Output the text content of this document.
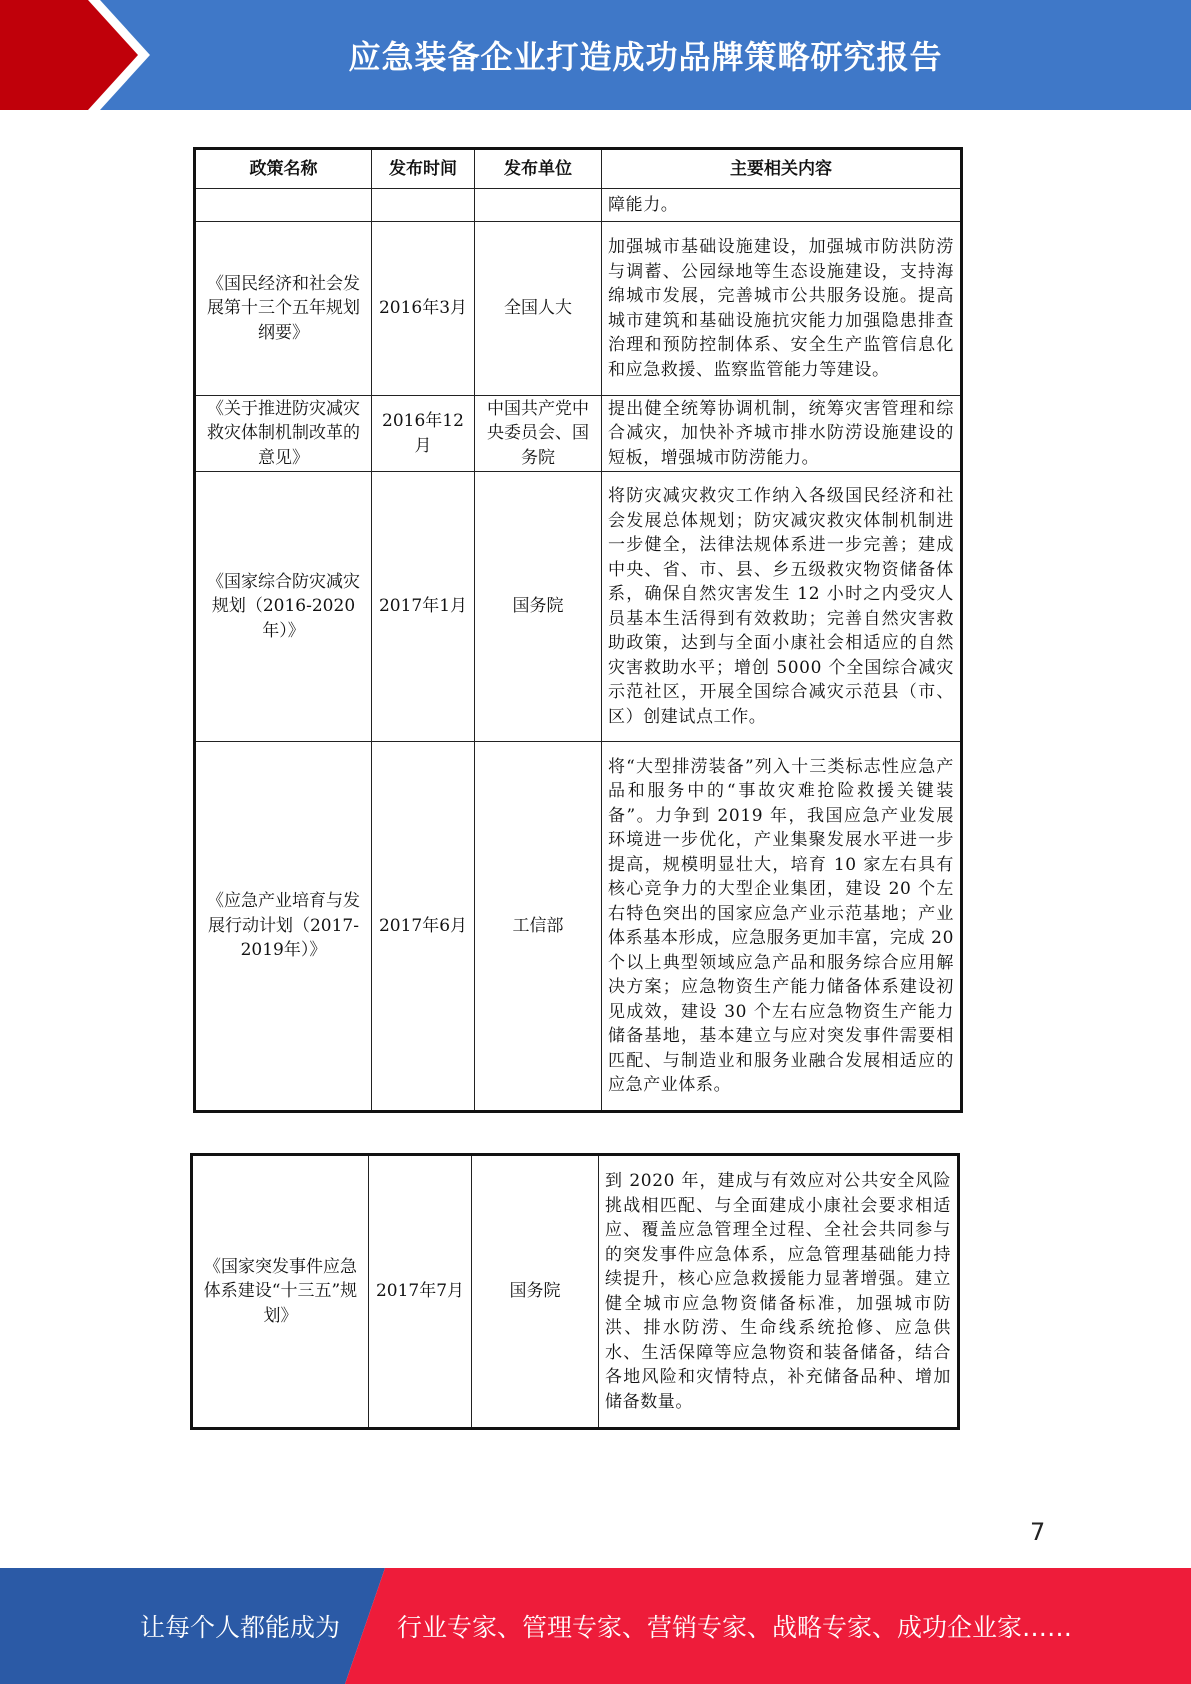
应急装备企业打造成功品牌策略研究报告
政策名称	发布时间	发布单位	主要相关内容
			障能力。
《国民经济和社会发展第十三个五年规划纲要》	2016年3月	全国人大	加强城市基础设施建设，加强城市防洪防涝与调蓄、公园绿地等生态设施建设，支持海绵城市发展，完善城市公共服务设施。提高城市建筑和基础设施抗灾能力加强隐患排查治理和预防控制体系、安全生产监管信息化和应急救援、监察监管能力等建设。
《关于推进防灾减灾救灾体制机制改革的意见》	2016年12月	中国共产党中央委员会、国务院	提出健全统筹协调机制，统筹灾害管理和综合减灾，加快补齐城市排水防涝设施建设的短板，增强城市防涝能力。
《国家综合防灾减灾规划（2016-2020年）》	2017年1月	国务院	将防灾减灾救灾工作纳入各级国民经济和社会发展总体规划；防灾减灾救灾体制机制进一步健全，法律法规体系进一步完善；建成中央、省、市、县、乡五级救灾物资储备体系，确保自然灾害发生 12 小时之内受灾人员基本生活得到有效救助；完善自然灾害救助政策，达到与全面小康社会相适应的自然灾害救助水平；增创 5000 个全国综合减灾示范社区，开展全国综合减灾示范县（市、区）创建试点工作。
《应急产业培育与发展行动计划（2017-2019年）》	2017年6月	工信部	将“大型排涝装备”列入十三类标志性应急产品和服务中的“事故灾难抢险救援关键装备”。力争到 2019 年，我国应急产业发展环境进一步优化，产业集聚发展水平进一步提高，规模明显壮大，培育 10 家左右具有核心竞争力的大型企业集团，建设 20 个左右特色突出的国家应急产业示范基地；产业体系基本形成，应急服务更加丰富，完成 20 个以上典型领域应急产品和服务综合应用解决方案；应急物资生产能力储备体系建设初见成效，建设 30 个左右应急物资生产能力储备基地，基本建立与应对突发事件需要相匹配、与制造业和服务业融合发展相适应的应急产业体系。
《国家突发事件应急体系建设“十三五”规划》	2017年7月	国务院	到 2020 年，建成与有效应对公共安全风险挑战相匹配、与全面建成小康社会要求相适应、覆盖应急管理全过程、全社会共同参与的突发事件应急体系，应急管理基础能力持续提升，核心应急救援能力显著增强。建立健全城市应急物资储备标准，加强城市防洪、排水防涝、生命线系统抢修、应急供水、生活保障等应急物资和装备储备，结合各地风险和灾情特点，补充储备品种、增加储备数量。
7
让每个人都能成为 行业专家、管理专家、营销专家、战略专家、成功企业家……
